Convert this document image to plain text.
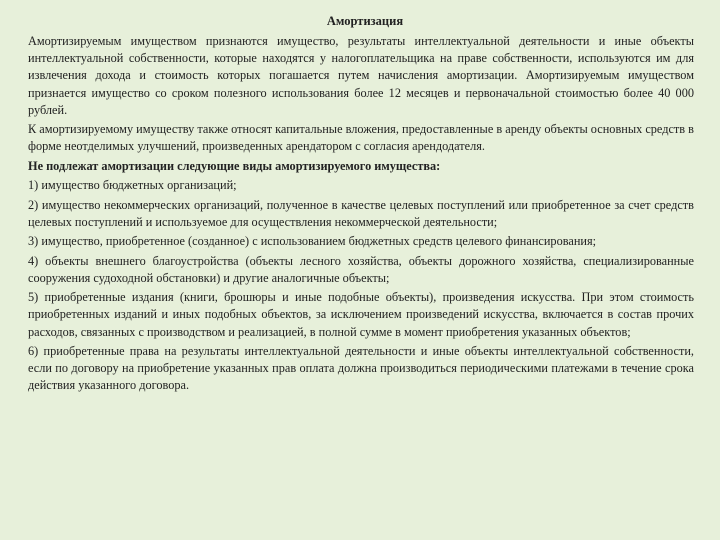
Амортизация

Амортизируемым имуществом признаются имущество, результаты интеллектуальной деятельности и иные объекты интеллектуальной собственности, которые находятся у налогоплательщика на праве собственности, используются им для извлечения дохода и стоимость которых погашается путем начисления амортизации. Амортизируемым имуществом признается имущество со сроком полезного использования более 12 месяцев и первоначальной стоимостью более 40 000 рублей.

К амортизируемому имуществу также относят капитальные вложения, предоставленные в аренду объекты основных средств в форме неотделимых улучшений, произведенных арендатором с согласия арендодателя.

Не подлежат амортизации следующие виды амортизируемого имущества:

1) имущество бюджетных организаций;

2) имущество некоммерческих организаций, полученное в качестве целевых поступлений или приобретенное за счет средств целевых поступлений и используемое для осуществления некоммерческой деятельности;

3) имущество, приобретенное (созданное) с использованием бюджетных средств целевого финансирования;

4) объекты внешнего благоустройства (объекты лесного хозяйства, объекты дорожного хозяйства, специализированные сооружения судоходной обстановки) и другие аналогичные объекты;

5) приобретенные издания (книги, брошюры и иные подобные объекты), произведения искусства. При этом стоимость приобретенных изданий и иных подобных объектов, за исключением произведений искусства, включается в состав прочих расходов, связанных с производством и реализацией, в полной сумме в момент приобретения указанных объектов;

6) приобретенные права на результаты интеллектуальной деятельности и иные объекты интеллектуальной собственности, если по договору на приобретение указанных прав оплата должна производиться периодическими платежами в течение срока действия указанного договора.
